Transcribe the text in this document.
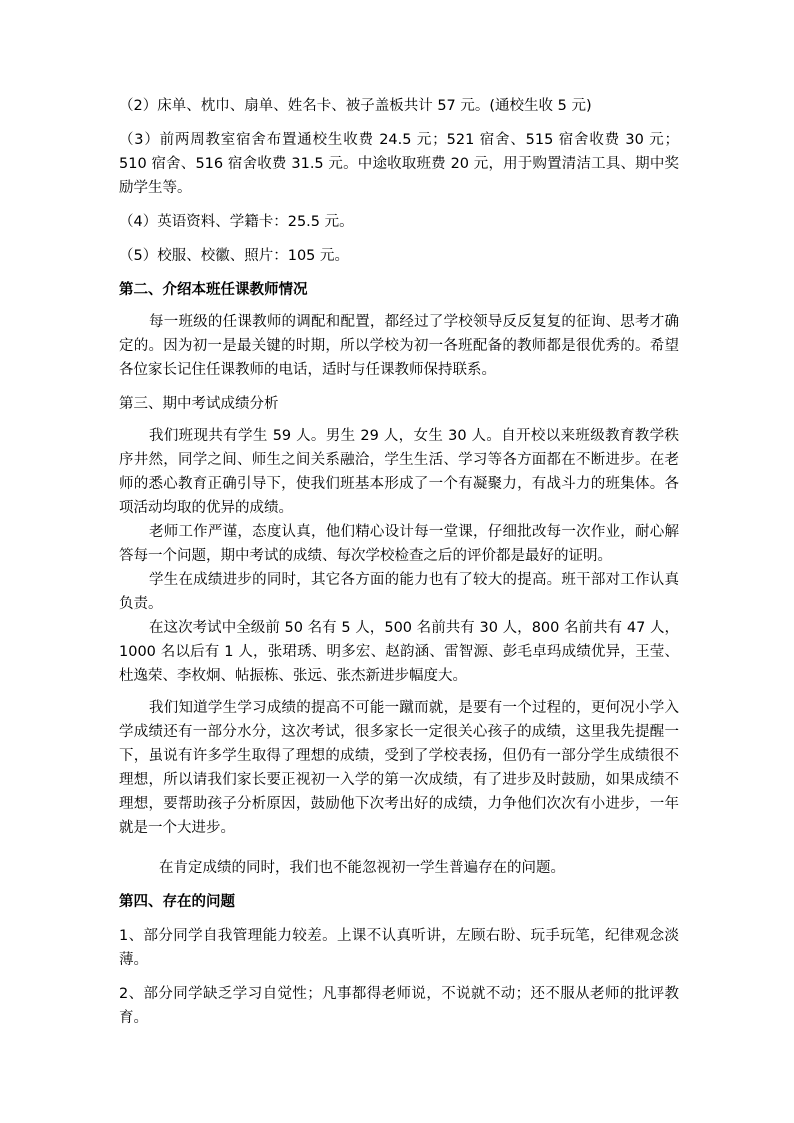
（2）床单、枕巾、扇单、姓名卡、被子盖板共计 57 元。(通校生收 5 元)

（3）前两周教室宿舍布置通校生收费 24.5 元；521 宿舍、515 宿舍收费 30 元；510 宿舍、516 宿舍收费 31.5 元。中途收取班费 20 元，用于购置清洁工具、期中奖励学生等。

（4）英语资料、学籍卡：25.5 元。

（5）校服、校徽、照片：105 元。

第二、介绍本班任课教师情况

每一班级的任课教师的调配和配置，都经过了学校领导反反复复的征询、思考才确定的。因为初一是最关键的时期，所以学校为初一各班配备的教师都是很优秀的。希望各位家长记住任课教师的电话，适时与任课教师保持联系。

第三、期中考试成绩分析

我们班现共有学生 59 人。男生 29 人，女生 30 人。自开校以来班级教育教学秩序井然，同学之间、师生之间关系融洽，学生生活、学习等各方面都在不断进步。在老师的悉心教育正确引导下，使我们班基本形成了一个有凝聚力，有战斗力的班集体。各项活动均取的优异的成绩。

老师工作严谨，态度认真，他们精心设计每一堂课，仔细批改每一次作业，耐心解答每一个问题，期中考试的成绩、每次学校检查之后的评价都是最好的证明。

学生在成绩进步的同时，其它各方面的能力也有了较大的提高。班干部对工作认真负责。

在这次考试中全级前 50 名有 5 人，500 名前共有 30 人，800 名前共有 47 人，1000 名以后有 1 人，张珺琇、明多宏、赵韵涵、雷智源、彭毛卓玛成绩优异，王莹、杜逸荣、李枚炯、帖振栋、张远、张杰新进步幅度大。

我们知道学生学习成绩的提高不可能一蹴而就，是要有一个过程的，更何况小学入学成绩还有一部分水分，这次考试，很多家长一定很关心孩子的成绩，这里我先提醒一下，虽说有许多学生取得了理想的成绩，受到了学校表扬，但仍有一部分学生成绩很不理想，所以请我们家长要正视初一入学的第一次成绩，有了进步及时鼓励，如果成绩不理想，要帮助孩子分析原因，鼓励他下次考出好的成绩，力争他们次次有小进步，一年就是一个大进步。

在肯定成绩的同时，我们也不能忽视初一学生普遍存在的问题。

第四、存在的问题

1、部分同学自我管理能力较差。上课不认真听讲，左顾右盼、玩手玩笔，纪律观念淡薄。

2、部分同学缺乏学习自觉性；凡事都得老师说，不说就不动；还不服从老师的批评教育。
